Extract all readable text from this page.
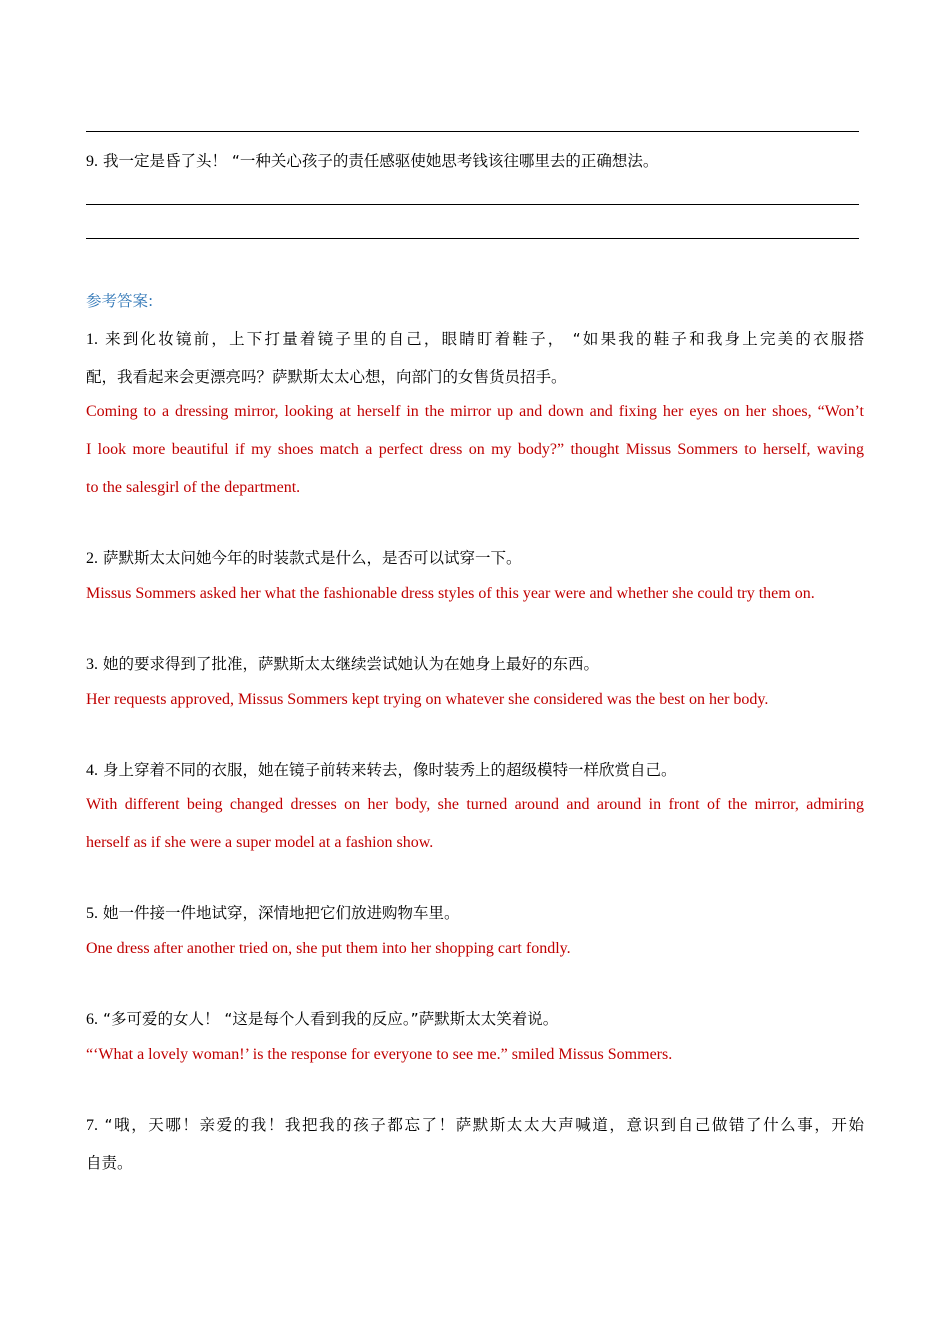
9. 我一定是昏了头！ “一种关心孩子的责任感驱使她思考钱该往哪里去的正确想法。
参考答案:
1. 来到化妆镜前，上下打量着镜子里的自己，眼睛盯着鞋子， “如果我的鞋子和我身上完美的衣服搭
配，我看起来会更漂亮吗？萨默斯太太心想，向部门的女售货员招手。
Coming to a dressing mirror, looking at herself in the mirror up and down and fixing her eyes on her shoes, “Won’t
I look more beautiful if my shoes match a perfect dress on my body?” thought Missus Sommers to herself, waving
to the salesgirl of the department.
2. 萨默斯太太问她今年的时装款式是什么，是否可以试穿一下。
Missus Sommers asked her what the fashionable dress styles of this year were and whether she could try them on.
3. 她的要求得到了批准，萨默斯太太继续尝试她认为在她身上最好的东西。
Her requests approved, Missus Sommers kept trying on whatever she considered was the best on her body.
4. 身上穿着不同的衣服，她在镜子前转来转去，像时装秀上的超级模特一样欣赏自己。
With different being changed dresses on her body, she turned around and around in front of the mirror, admiring
herself as if she were a super model at a fashion show.
5. 她一件接一件地试穿，深情地把它们放进购物车里。
One dress after another tried on, she put them into her shopping cart fondly.
6. “多可爱的女人！ “这是每个人看到我的反应。”萨默斯太太笑着说。
“‘What a lovely woman!’ is the response for everyone to see me.” smiled Missus Sommers.
7. “哦，天哪！亲爱的我！我把我的孩子都忘了！萨默斯太太大声喊道，意识到自己做错了什么事，开始
自责。
